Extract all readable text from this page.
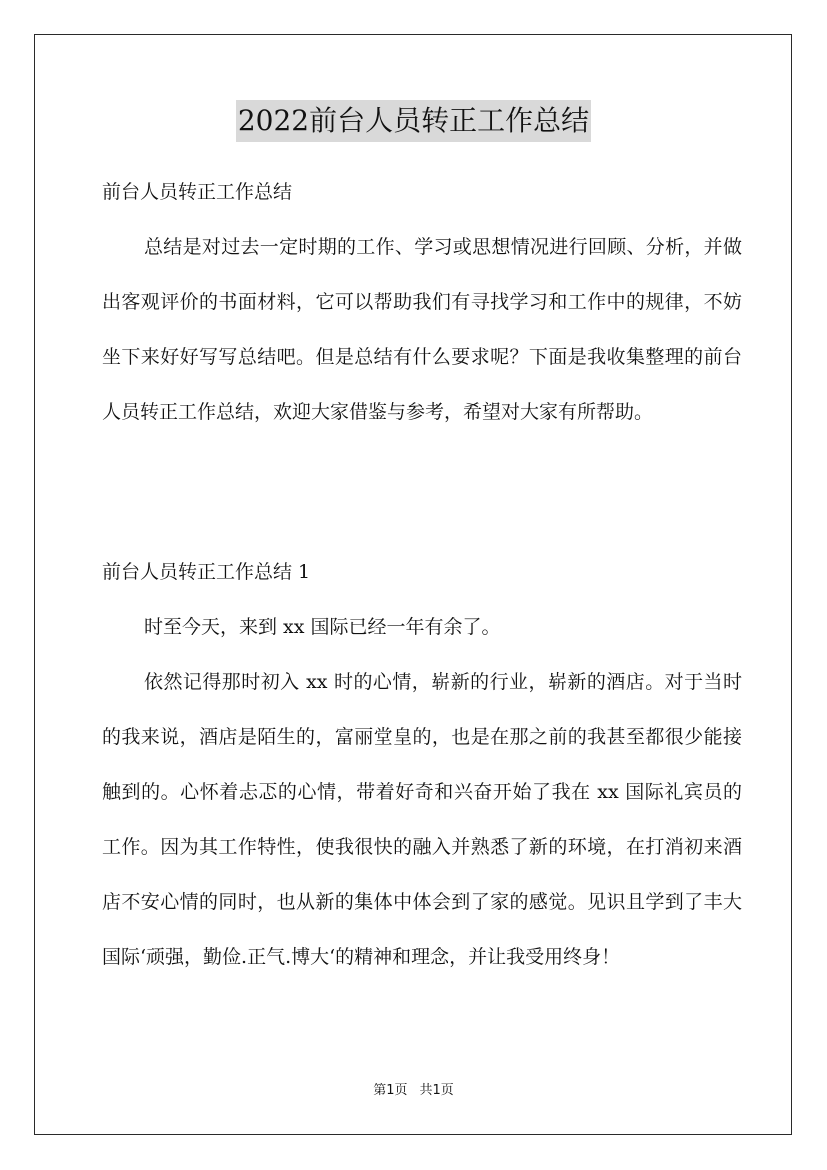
2022前台人员转正工作总结

前台人员转正工作总结

总结是对过去一定时期的工作、学习或思想情况进行回顾、分析，并做出客观评价的书面材料，它可以帮助我们有寻找学习和工作中的规律，不妨坐下来好好写写总结吧。但是总结有什么要求呢？下面是我收集整理的前台人员转正工作总结，欢迎大家借鉴与参考，希望对大家有所帮助。

前台人员转正工作总结 1

时至今天，来到 xx 国际已经一年有余了。

依然记得那时初入 xx 时的心情，崭新的行业，崭新的酒店。对于当时的我来说，酒店是陌生的，富丽堂皇的，也是在那之前的我甚至都很少能接触到的。心怀着忐忑的心情，带着好奇和兴奋开始了我在 xx 国际礼宾员的工作。因为其工作特性，使我很快的融入并熟悉了新的环境，在打消初来酒店不安心情的同时，也从新的集体中体会到了家的感觉。见识且学到了丰大国际‘顽强，勤俭.正气.博大‘的精神和理念，并让我受用终身！

第1页 共1页
